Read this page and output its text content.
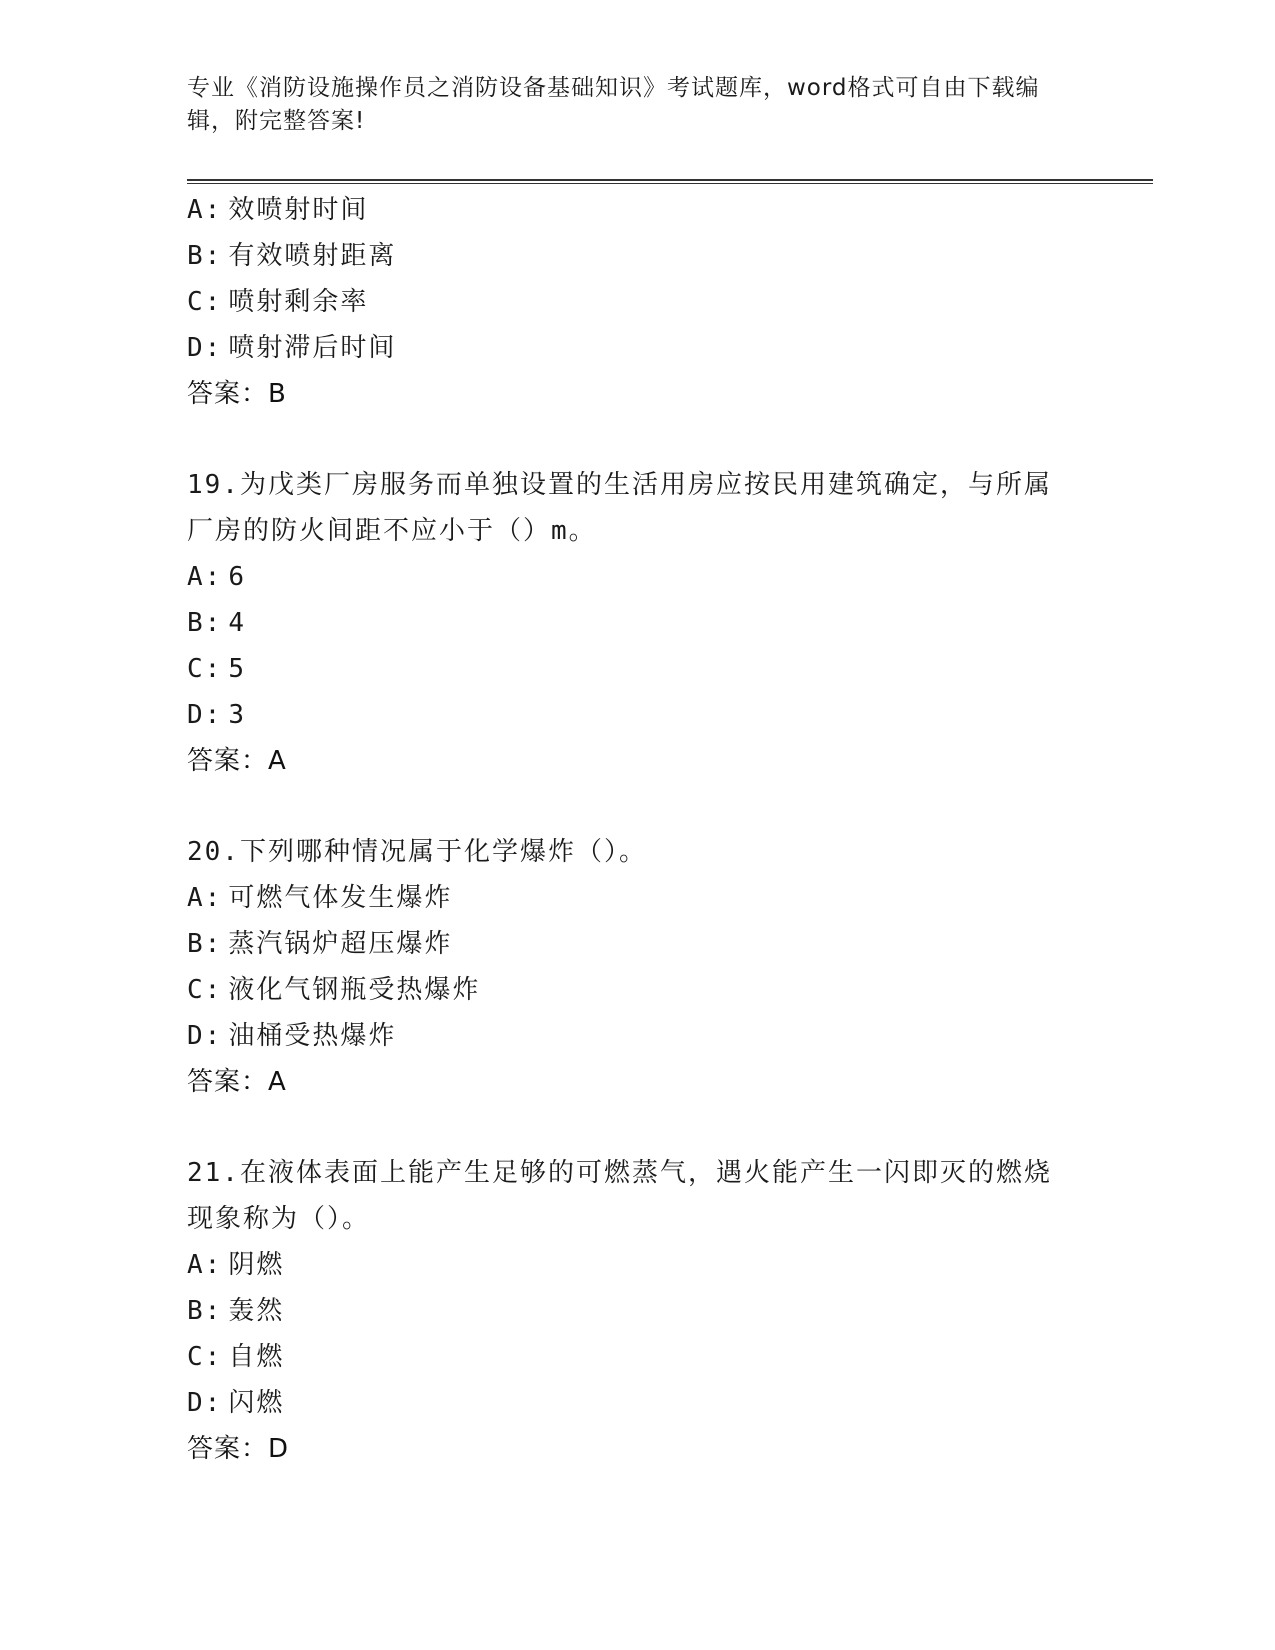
专业《消防设施操作员之消防设备基础知识》考试题库，word格式可自由下载编
辑，附完整答案!
A: 效喷射时间
B: 有效喷射距离
C: 喷射剩余率
D: 喷射滞后时间
答案：B
19.为戊类厂房服务而单独设置的生活用房应按民用建筑确定，与所属
厂房的防火间距不应小于（）m。
A: 6
B: 4
C: 5
D: 3
答案：A
20.下列哪种情况属于化学爆炸（）。
A: 可燃气体发生爆炸
B: 蒸汽锅炉超压爆炸
C: 液化气钢瓶受热爆炸
D: 油桶受热爆炸
答案：A
21.在液体表面上能产生足够的可燃蒸气，遇火能产生一闪即灭的燃烧
现象称为（）。
A: 阴燃
B: 轰然
C: 自燃
D: 闪燃
答案：D
